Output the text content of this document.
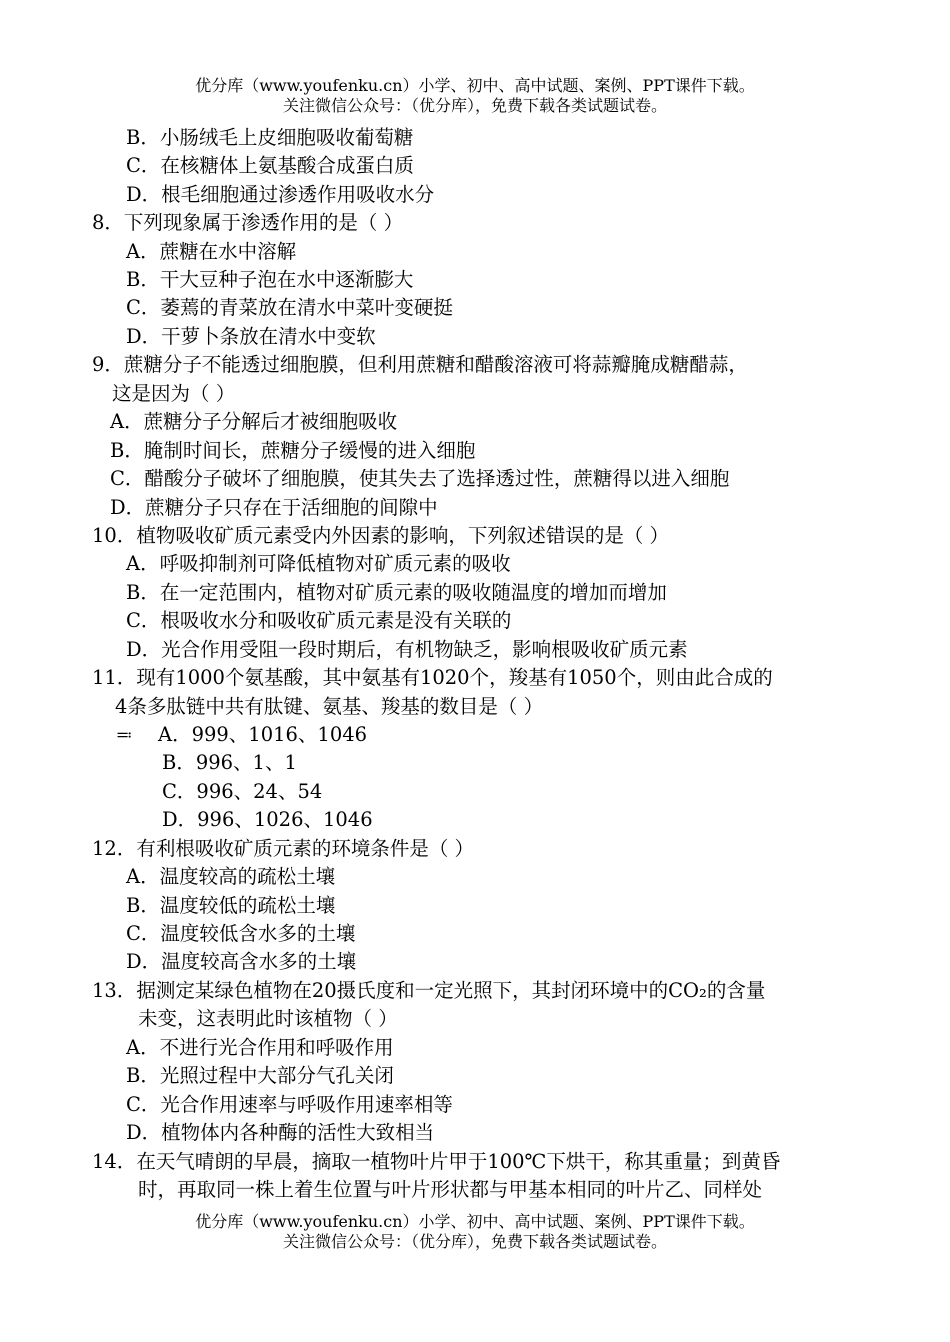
优分库（www.youfenku.cn）小学、初中、高中试题、案例、PPT课件下载。
关注微信公众号：（优分库），免费下载各类试题试卷。
B．小肠绒毛上皮细胞吸收葡萄糖
C．在核糖体上氨基酸合成蛋白质
D．根毛细胞通过渗透作用吸收水分
8．下列现象属于渗透作用的是（ ）
A．蔗糖在水中溶解
B．干大豆种子泡在水中逐渐膨大
C．萎蔫的青菜放在清水中菜叶变硬挺
D．干萝卜条放在清水中变软
9．蔗糖分子不能透过细胞膜，但利用蔗糖和醋酸溶液可将蒜瓣腌成糖醋蒜，
这是因为（ ）
A．蔗糖分子分解后才被细胞吸收
B．腌制时间长，蔗糖分子缓慢的进入细胞
C．醋酸分子破坏了细胞膜，使其失去了选择透过性，蔗糖得以进入细胞
D．蔗糖分子只存在于活细胞的间隙中
10．植物吸收矿质元素受内外因素的影响，下列叙述错误的是（ ）
A．呼吸抑制剂可降低植物对矿质元素的吸收
B．在一定范围内，植物对矿质元素的吸收随温度的增加而增加
C．根吸收水分和吸收矿质元素是没有关联的
D．光合作用受阻一段时期后，有机物缺乏，影响根吸收矿质元素
11．现有1000个氨基酸，其中氨基有1020个，羧基有1050个，则由此合成的
4条多肽链中共有肽键、氨基、羧基的数目是（ ）
≕ A．999、1016、1046
B．996、1、1
C．996、24、54
D．996、1026、1046
12．有利根吸收矿质元素的环境条件是（ ）
A．温度较高的疏松土壤
B．温度较低的疏松土壤
C．温度较低含水多的土壤
D．温度较高含水多的土壤
13．据测定某绿色植物在20摄氏度和一定光照下，其封闭环境中的CO₂的含量
未变，这表明此时该植物（ ）
A．不进行光合作用和呼吸作用
B．光照过程中大部分气孔关闭
C．光合作用速率与呼吸作用速率相等
D．植物体内各种酶的活性大致相当
14．在天气晴朗的早晨，摘取一植物叶片甲于100℃下烘干，称其重量；到黄昏
时，再取同一株上着生位置与叶片形状都与甲基本相同的叶片乙、同样处
优分库（www.youfenku.cn）小学、初中、高中试题、案例、PPT课件下载。
关注微信公众号：（优分库），免费下载各类试题试卷。
